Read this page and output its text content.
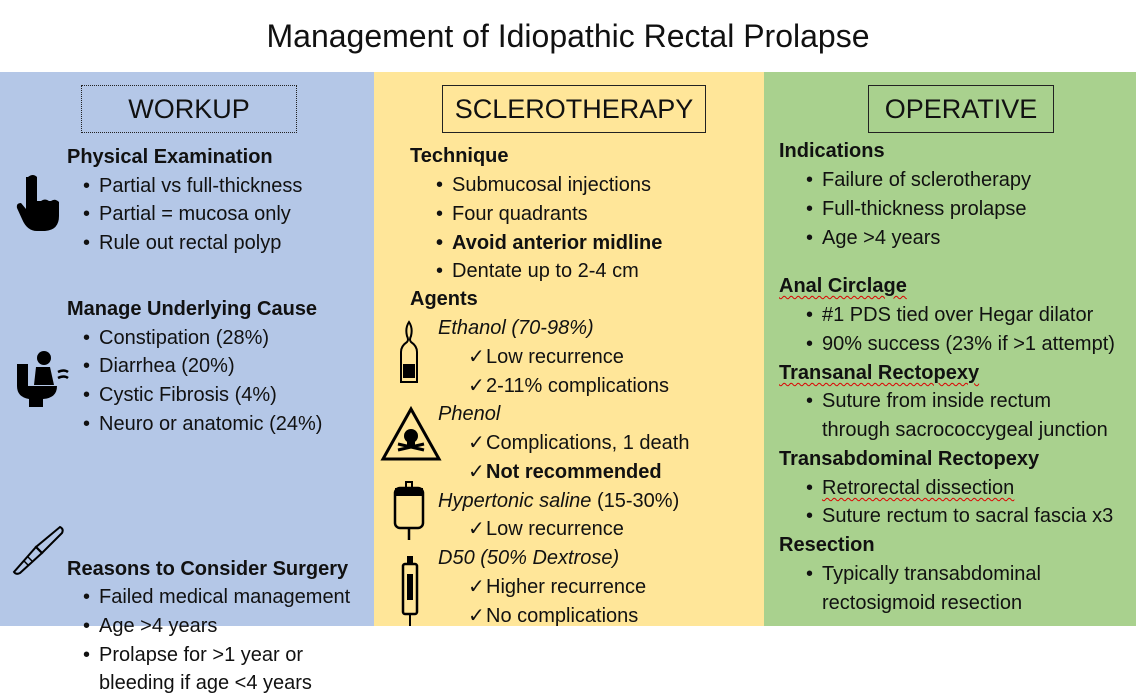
Management of Idiopathic Rectal Prolapse
WORKUP
Physical Examination
• Partial vs full-thickness
• Partial = mucosa only
• Rule out rectal polyp
Manage Underlying Cause
• Constipation (28%)
• Diarrhea (20%)
• Cystic Fibrosis (4%)
• Neuro or anatomic (24%)
Reasons to Consider Surgery
• Failed medical management
• Age >4 years
• Prolapse for >1 year or
bleeding if age <4 years
SCLEROTHERAPY
Technique
• Submucosal injections
• Four quadrants
• Avoid anterior midline
• Dentate up to 2-4 cm
Agents
Ethanol (70-98%)
✓ Low recurrence
✓ 2-11% complications
Phenol
✓ Complications, 1 death
✓ Not recommended
Hypertonic saline (15-30%)
✓ Low recurrence
D50 (50% Dextrose)
✓ Higher recurrence
✓ No complications
OPERATIVE
Indications
• Failure of sclerotherapy
• Full-thickness prolapse
• Age >4 years
Anal Circlage
• #1 PDS tied over Hegar dilator
• 90% success (23% if >1 attempt)
Transanal Rectopexy
• Suture from inside rectum
through sacrococcygeal junction
Transabdominal Rectopexy
• Retrorectal dissection
• Suture rectum to sacral fascia x3
Resection
• Typically transabdominal
rectosigmoid resection
